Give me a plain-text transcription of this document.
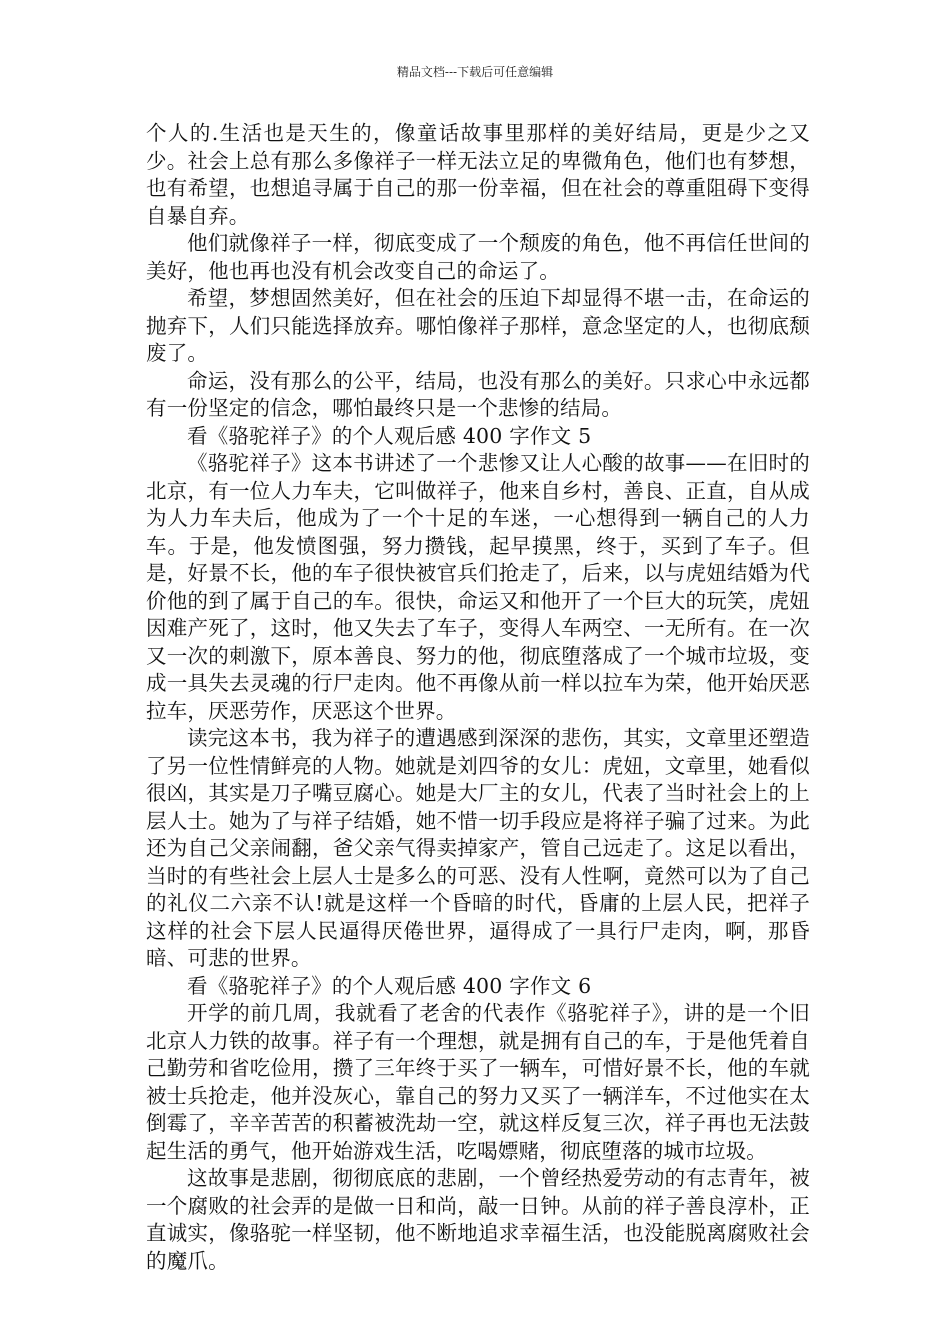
精品文档---下载后可任意编辑

个人的.生活也是天生的，像童话故事里那样的美好结局，更是少之又少。社会上总有那么多像祥子一样无法立足的卑微角色，他们也有梦想，也有希望，也想追寻属于自己的那一份幸福，但在社会的尊重阻碍下变得自暴自弃。

他们就像祥子一样，彻底变成了一个颓废的角色，他不再信任世间的美好，他也再也没有机会改变自己的命运了。

希望，梦想固然美好，但在社会的压迫下却显得不堪一击，在命运的抛弃下，人们只能选择放弃。哪怕像祥子那样，意念坚定的人，也彻底颓废了。

命运，没有那么的公平，结局，也没有那么的美好。只求心中永远都有一份坚定的信念，哪怕最终只是一个悲惨的结局。

看《骆驼祥子》的个人观后感 400 字作文 5

《骆驼祥子》这本书讲述了一个悲惨又让人心酸的故事——在旧时的北京，有一位人力车夫，它叫做祥子，他来自乡村，善良、正直，自从成为人力车夫后，他成为了一个十足的车迷，一心想得到一辆自己的人力车。于是，他发愤图强，努力攒钱，起早摸黑，终于，买到了车子。但是，好景不长，他的车子很快被官兵们抢走了，后来，以与虎妞结婚为代价他的到了属于自己的车。很快，命运又和他开了一个巨大的玩笑，虎妞因难产死了，这时，他又失去了车子，变得人车两空、一无所有。在一次又一次的刺激下，原本善良、努力的他，彻底堕落成了一个城市垃圾，变成一具失去灵魂的行尸走肉。他不再像从前一样以拉车为荣，他开始厌恶拉车，厌恶劳作，厌恶这个世界。

读完这本书，我为祥子的遭遇感到深深的悲伤，其实，文章里还塑造了另一位性情鲜亮的人物。她就是刘四爷的女儿：虎妞，文章里，她看似很凶，其实是刀子嘴豆腐心。她是大厂主的女儿，代表了当时社会上的上层人士。她为了与祥子结婚，她不惜一切手段应是将祥子骗了过来。为此还为自己父亲闹翻，爸父亲气得卖掉家产，管自己远走了。这足以看出，当时的有些社会上层人士是多么的可恶、没有人性啊，竟然可以为了自己的礼仪二六亲不认!就是这样一个昏暗的时代，昏庸的上层人民，把祥子这样的社会下层人民逼得厌倦世界，逼得成了一具行尸走肉，啊，那昏暗、可悲的世界。

看《骆驼祥子》的个人观后感 400 字作文 6

开学的前几周，我就看了老舍的代表作《骆驼祥子》，讲的是一个旧北京人力铁的故事。祥子有一个理想，就是拥有自己的车，于是他凭着自己勤劳和省吃俭用，攒了三年终于买了一辆车，可惜好景不长，他的车就被士兵抢走，他并没灰心，靠自己的努力又买了一辆洋车，不过他实在太倒霉了，辛辛苦苦的积蓄被洗劫一空，就这样反复三次，祥子再也无法鼓起生活的勇气，他开始游戏生活，吃喝嫖赌，彻底堕落的城市垃圾。

这故事是悲剧，彻彻底底的悲剧，一个曾经热爱劳动的有志青年，被一个腐败的社会弄的是做一日和尚，敲一日钟。从前的祥子善良淳朴，正直诚实，像骆驼一样坚韧，他不断地追求幸福生活，也没能脱离腐败社会的魔爪。
